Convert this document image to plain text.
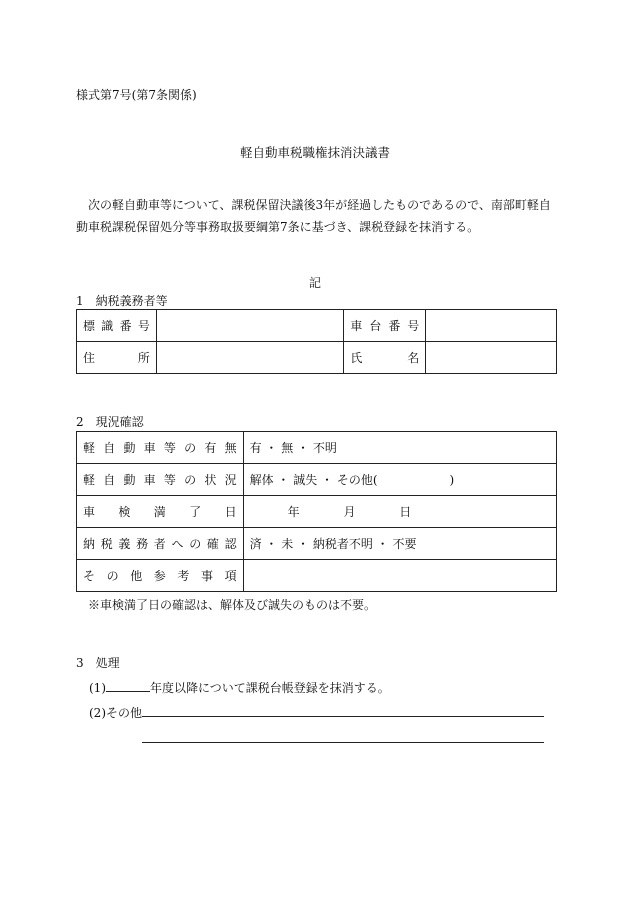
様式第7号(第7条関係)
軽自動車税職権抹消決議書
次の軽自動車等について、課税保留決議後3年が経過したものであるので、南部町軽自動車税課税保留処分等事務取扱要綱第7条に基づき、課税登録を抹消する。
記
1　納税義務者等
標識番号		車台番号	

住所		氏名	

2　現況確認
軽自動車等の有無	有 ・ 無 ・ 不明

軽自動車等の状況	解体 ・ 誠失 ・ その他(　　　　　　)

車検満了日	年 月 日

納税義務者への確認	済 ・ 未 ・ 納税者不明 ・ 不要

その他参考事項	

※車検満了日の確認は、解体及び誠失のものは不要。
3　処理
(1)	年度以降について課税台帳登録を抹消する。
(2)その他
